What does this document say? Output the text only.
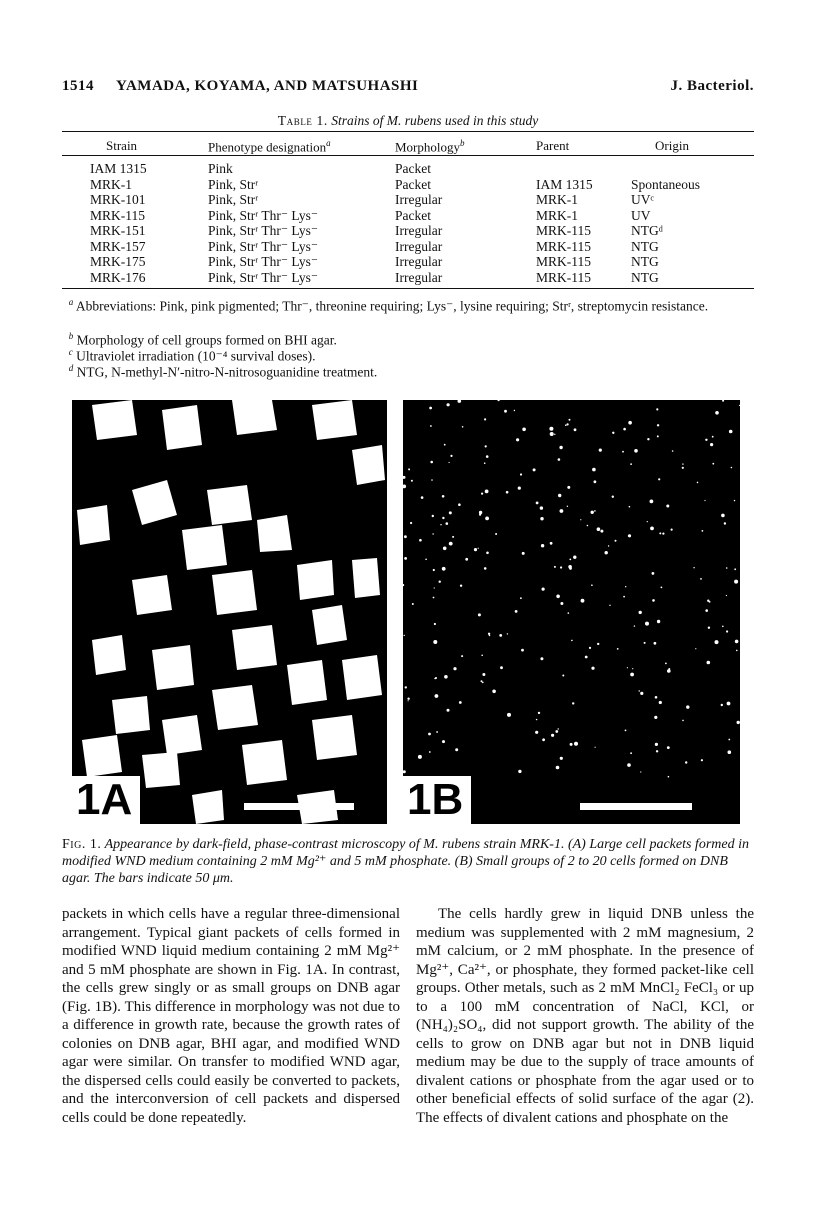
1514 YAMADA, KOYAMA, AND MATSUHASHI	J. Bacteriol.
Table 1. Strains of M. rubens used in this study
Strain	Phenotype designation$^a$	Morphology$^b$	Parent	Origin
IAM 1315	Pink	Packet
MRK-1	Pink, Strʳ	Packet	IAM 1315	Spontaneous
MRK-101	Pink, Strʳ	Irregular	MRK-1	UVᶜ
MRK-115	Pink, Strʳ Thr⁻ Lys⁻	Packet	MRK-1	UV
MRK-151	Pink, Strʳ Thr⁻ Lys⁻	Irregular	MRK-115	NTGᵈ
MRK-157	Pink, Strʳ Thr⁻ Lys⁻	Irregular	MRK-115	NTG
MRK-175	Pink, Strʳ Thr⁻ Lys⁻	Irregular	MRK-115	NTG
MRK-176	Pink, Strʳ Thr⁻ Lys⁻	Irregular	MRK-115	NTG
$^a$ Abbreviations: Pink, pink pigmented; Thr⁻, threonine requiring; Lys⁻, lysine requiring; Strʳ, streptomycin resistance.
$^b$ Morphology of cell groups formed on BHI agar.
$^c$ Ultraviolet irradiation (10⁻⁴ survival doses).
$^d$ NTG, N-methyl-N′-nitro-N-nitrosoguanidine treatment.
1A	1B
Fig. 1. Appearance by dark-field, phase-contrast microscopy of M. rubens strain MRK-1. (A) Large cell packets formed in modified WND medium containing 2 mM Mg²⁺ and 5 mM phosphate. (B) Small groups of 2 to 20 cells formed on DNB agar. The bars indicate 50 μm.

packets in which cells have a regular three-dimensional arrangement. Typical giant packets of cells formed in modified WND liquid medium containing 2 mM Mg²⁺ and 5 mM phosphate are shown in Fig. 1A. In contrast, the cells grew singly or as small groups on DNB agar (Fig. 1B). This difference in morphology was not due to a difference in growth rate, because the growth rates of colonies on DNB agar, BHI agar, and modified WND agar were similar. On transfer to modified WND agar, the dispersed cells could easily be converted to packets, and the interconversion of cell packets and dispersed cells could be done repeatedly.

The cells hardly grew in liquid DNB unless the medium was supplemented with 2 mM magnesium, 2 mM calcium, or 2 mM phosphate. In the presence of Mg²⁺, Ca²⁺, or phosphate, they formed packet-like cell groups. Other metals, such as 2 mM MnCl₂ FeCl₃ or up to a 100 mM concentration of NaCl, KCl, or (NH₄)₂SO₄, did not support growth. The ability of the cells to grow on DNB agar but not in DNB liquid medium may be due to the supply of trace amounts of divalent cations or phosphate from the agar used or to other beneficial effects of solid surface of the agar (2). The effects of divalent cations and phosphate on the
